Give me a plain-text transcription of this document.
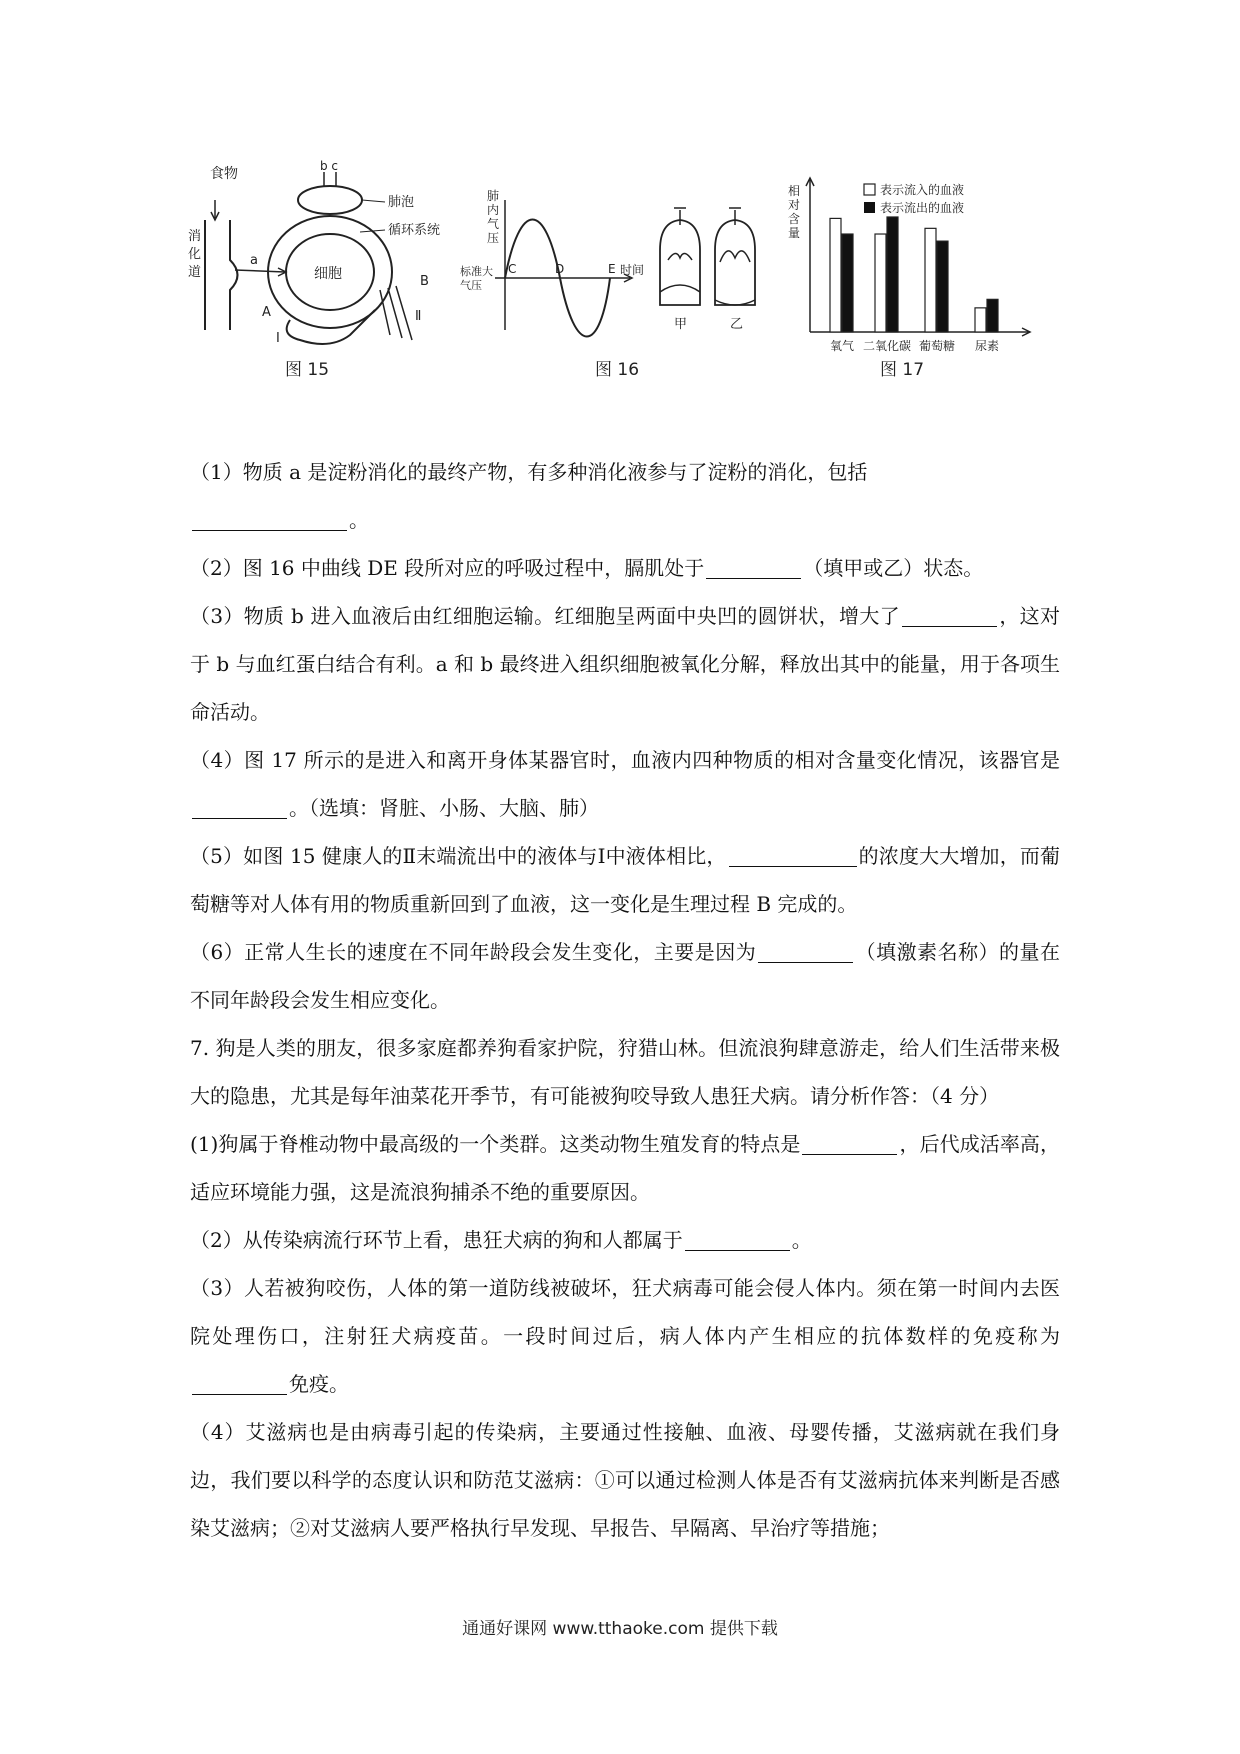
食物
消化道
a
b c
肺泡
循环系统
细胞	B
Ⅱ
A
Ⅰ
图 15
肺内气压
标准大气压
C	D	E 时间
甲	乙
图 16
相对含量
氧气 二氧化碳 葡萄糖 尿素
表示流入的血液
表示流出的血液
图 17

（1）物质 a 是淀粉消化的最终产物，有多种消化液参与了淀粉的消化，包括
。

（2）图 16 中曲线 DE 段所对应的呼吸过程中，膈肌处于	（填甲或乙）状态。

（3）物质 b 进入血液后由红细胞运输。红细胞呈两面中央凹的圆饼状，增大了	，这对于 b 与血红蛋白结合有利。a 和 b 最终进入组织细胞被氧化分解，释放出其中的能量，用于各项生命活动。

（4）图 17 所示的是进入和离开身体某器官时，血液内四种物质的相对含量变化情况，该器官是。（选填：肾脏、小肠、大脑、肺）

（5）如图 15 健康人的Ⅱ末端流出中的液体与Ⅰ中液体相比，	的浓度大大增加，而葡萄糖等对人体有用的物质重新回到了血液，这一变化是生理过程 B 完成的。

（6）正常人生长的速度在不同年龄段会发生变化，主要是因为	（填激素名称）的量在不同年龄段会发生相应变化。

7. 狗是人类的朋友，很多家庭都养狗看家护院，狩猎山林。但流浪狗肆意游走，给人们生活带来极大的隐患，尤其是每年油菜花开季节，有可能被狗咬导致人患狂犬病。请分析作答：（4 分）

(1)狗属于脊椎动物中最高级的一个类群。这类动物生殖发育的特点是	，后代成活率高，适应环境能力强，这是流浪狗捕杀不绝的重要原因。

（2）从传染病流行环节上看，患狂犬病的狗和人都属于	。

（3）人若被狗咬伤，人体的第一道防线被破坏，狂犬病毒可能会侵人体内。须在第一时间内去医院处理伤口，注射狂犬病疫苗。一段时间过后，病人体内产生相应的抗体数样的免疫称为免疫。

（4）艾滋病也是由病毒引起的传染病，主要通过性接触、血液、母婴传播，艾滋病就在我们身边，我们要以科学的态度认识和防范艾滋病：①可以通过检测人体是否有艾滋病抗体来判断是否感染艾滋病；②对艾滋病人要严格执行早发现、早报告、早隔离、早治疗等措施；

通通好课网 www.tthaoke.com 提供下载
